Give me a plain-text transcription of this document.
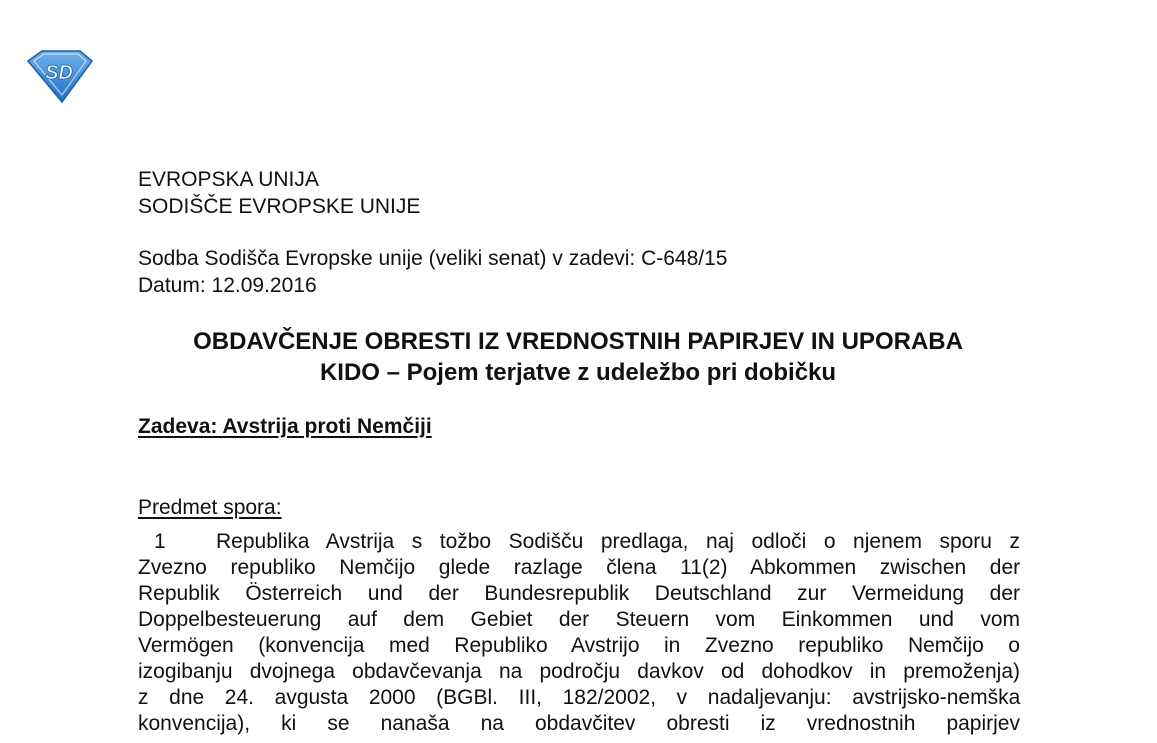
SD
EVROPSKA UNIJA
SODIŠČE EVROPSKE UNIJE
Sodba Sodišča Evropske unije (veliki senat) v zadevi: C-648/15
Datum: 12.09.2016
OBDAVČENJE OBRESTI IZ VREDNOSTNIH PAPIRJEV IN UPORABA
KIDO – Pojem terjatve z udeležbo pri dobičku
Zadeva: Avstrija proti Nemčiji
Predmet spora:
1	Republika Avstrija s tožbo Sodišču predlaga, naj odloči o njenem sporu z
Zvezno republiko Nemčijo glede razlage člena 11(2) Abkommen zwischen der
Republik Österreich und der Bundesrepublik Deutschland zur Vermeidung der
Doppelbesteuerung auf dem Gebiet der Steuern vom Einkommen und vom
Vermögen (konvencija med Republiko Avstrijo in Zvezno republiko Nemčijo o
izogibanju dvojnega obdavčevanja na področju davkov od dohodkov in premoženja)
z dne 24. avgusta 2000 (BGBl. III, 182/2002, v nadaljevanju: avstrijsko-nemška
konvencija), ki se nanaša na obdavčitev obresti iz vrednostnih papirjev
